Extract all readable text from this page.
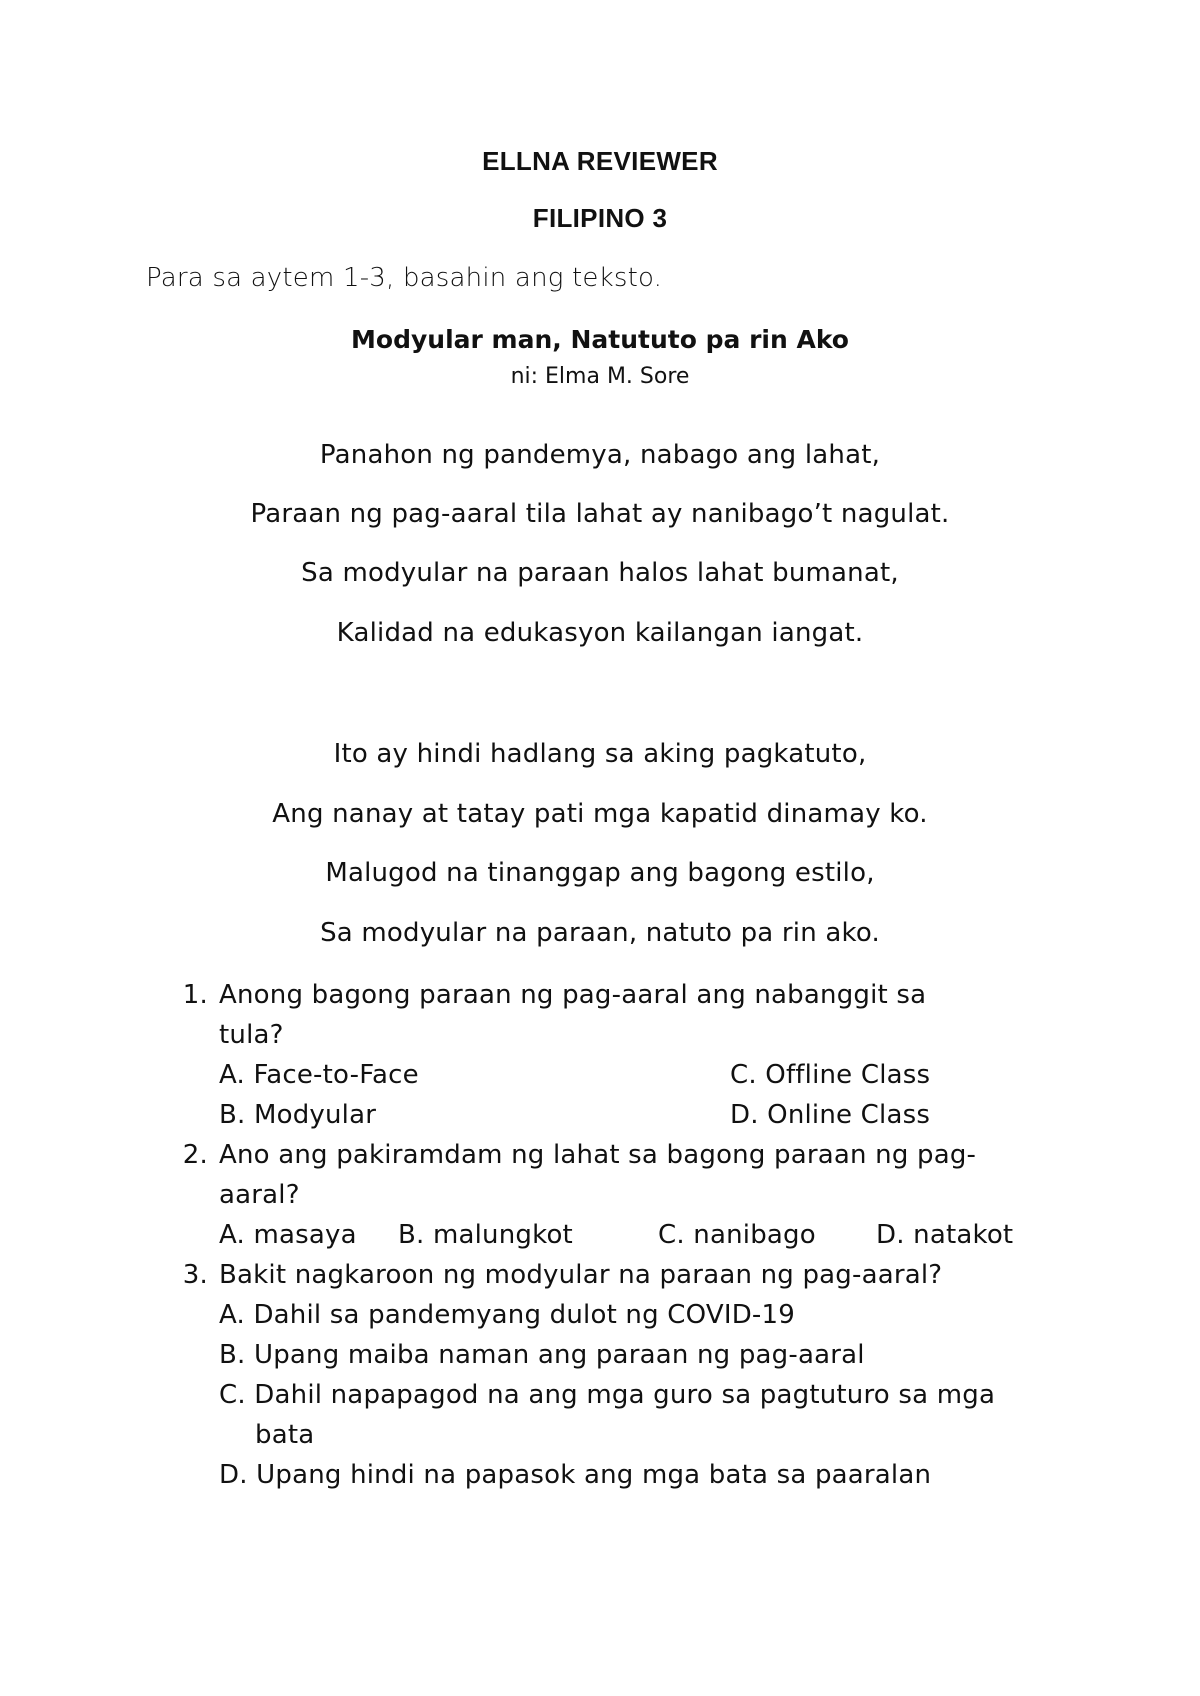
ELLNA REVIEWER
FILIPINO 3
Para sa aytem 1-3, basahin ang teksto.
Modyular man, Natututo pa rin Ako
ni: Elma M. Sore
Panahon ng pandemya, nabago ang lahat,
Paraan ng pag-aaral tila lahat ay nanibago’t nagulat.
Sa modyular na paraan halos lahat bumanat,
Kalidad na edukasyon kailangan iangat.
Ito ay hindi hadlang sa aking pagkatuto,
Ang nanay at tatay pati mga kapatid dinamay ko.
Malugod na tinanggap ang bagong estilo,
Sa modyular na paraan, natuto pa rin ako.
1. Anong bagong paraan ng pag-aaral ang nabanggit sa
tula?
A. Face-to-Face	C. Offline Class
B. Modyular	D. Online Class
2. Ano ang pakiramdam ng lahat sa bagong paraan ng pag-
aaral?
A. masaya B. malungkot	C. nanibago D. natakot
3. Bakit nagkaroon ng modyular na paraan ng pag-aaral?
A. Dahil sa pandemyang dulot ng COVID-19
B. Upang maiba naman ang paraan ng pag-aaral
C. Dahil napapagod na ang mga guro sa pagtuturo sa mga
bata
D. Upang hindi na papasok ang mga bata sa paaralan
